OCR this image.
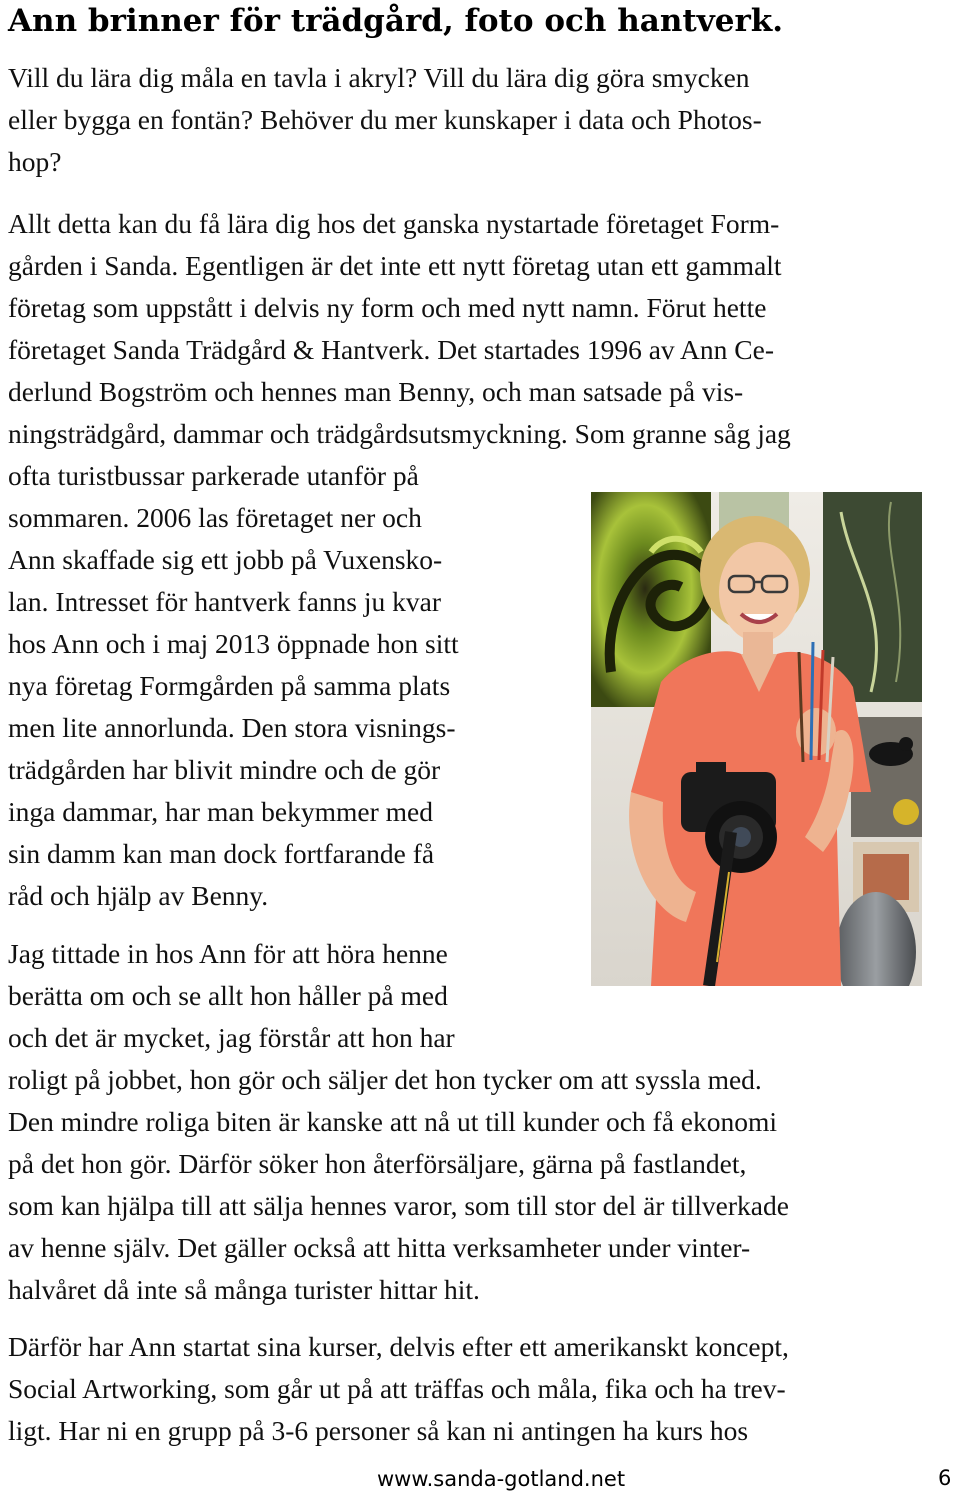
Ann brinner för trädgård, foto och hantverk.

Vill du lära dig måla en tavla i akryl? Vill du lära dig göra smycken

eller bygga en fontän? Behöver du mer kunskaper i data och Photos-

hop?

Allt detta kan du få lära dig hos det ganska nystartade företaget Form-

gården i Sanda. Egentligen är det inte ett nytt företag utan ett gammalt

företag som uppstått i delvis ny form och med nytt namn. Förut hette

företaget Sanda Trädgård & Hantverk. Det startades 1996 av Ann Ce-

derlund Bogström och hennes man Benny, och man satsade på vis-

ningsträdgård, dammar och trädgårdsutsmyckning. Som granne såg jag

ofta turistbussar parkerade utanför på

sommaren. 2006 las företaget ner och

Ann skaffade sig ett jobb på Vuxensko-

lan. Intresset för hantverk fanns ju kvar

hos Ann och i maj 2013 öppnade hon sitt

nya företag Formgården på samma plats

men lite annorlunda. Den stora visnings-

trädgården har blivit mindre och de gör

inga dammar, har man bekymmer med

sin damm kan man dock fortfarande få

råd och hjälp av Benny.

Jag tittade in hos Ann för att höra henne

berätta om och se allt hon håller på med

och det är mycket, jag förstår att hon har

roligt på jobbet, hon gör och säljer det hon tycker om att syssla med.

Den mindre roliga biten är kanske att nå ut till kunder och få ekonomi

på det hon gör. Därför söker hon återförsäljare, gärna på fastlandet,

som kan hjälpa till att sälja hennes varor, som till stor del är tillverkade

av henne själv. Det gäller också att hitta verksamheter under vinter-

halvåret då inte så många turister hittar hit.

Därför har Ann startat sina kurser, delvis efter ett amerikanskt koncept,

Social Artworking, som går ut på att träffas och måla, fika och ha trev-

ligt. Har ni en grupp på 3-6 personer så kan ni antingen ha kurs hos

www.sanda-gotland.net	6
